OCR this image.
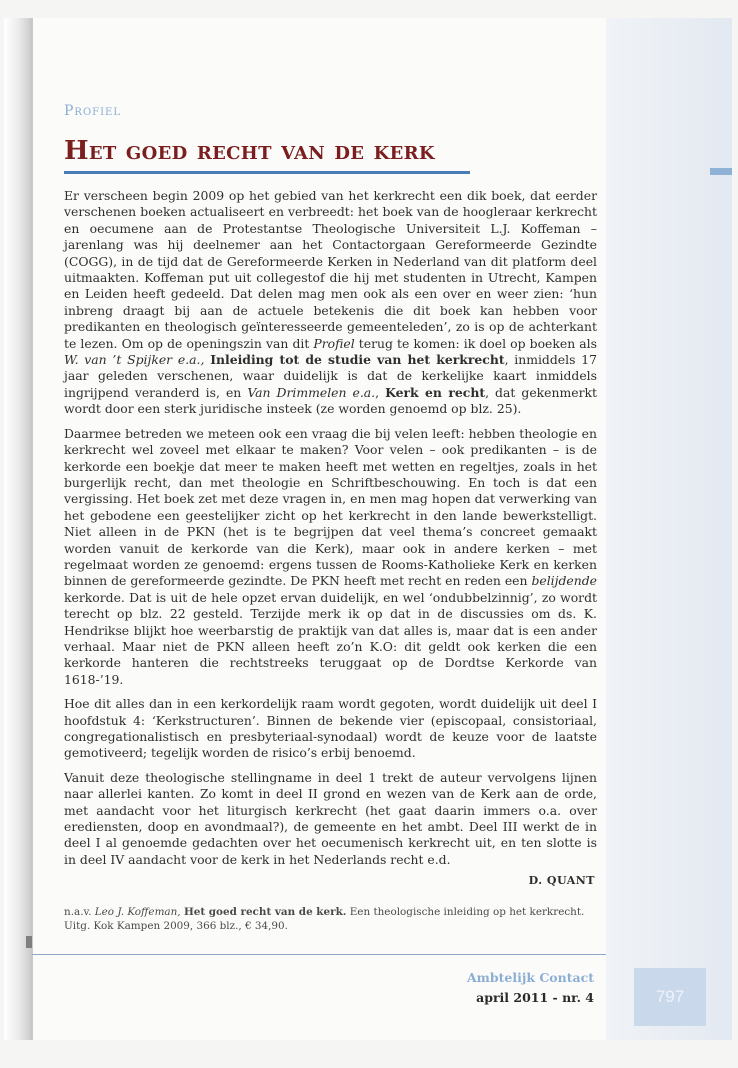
Profiel
Het goed recht van de kerk

Er verscheen begin 2009 op het gebied van het kerkrecht een dik boek, dat eerder verschenen boeken actualiseert en verbreedt: het boek van de hoogleraar kerkrecht en oecumene aan de Protestantse Theologische Universiteit L.J. Koffeman – jarenlang was hij deelnemer aan het Contactorgaan Gereformeerde Gezindte (COGG), in de tijd dat de Gereformeerde Kerken in Nederland van dit platform deel uitmaakten. Koffeman put uit collegestof die hij met studenten in Utrecht, Kampen en Leiden heeft gedeeld. Dat delen mag men ook als een over en weer zien: ‘hun inbreng draagt bij aan de actuele betekenis die dit boek kan hebben voor predikanten en theologisch geïnteresseerde gemeenteleden’, zo is op de achterkant te lezen. Om op de openingszin van dit Profiel terug te komen: ik doel op boeken als W. van ’t Spijker e.a., Inleiding tot de studie van het kerkrecht, inmiddels 17 jaar geleden verschenen, waar duidelijk is dat de kerkelijke kaart inmiddels ingrijpend veranderd is, en Van Drimmelen e.a., Kerk en recht, dat gekenmerkt wordt door een sterk juridische insteek (ze worden genoemd op blz. 25).

Daarmee betreden we meteen ook een vraag die bij velen leeft: hebben theologie en kerkrecht wel zoveel met elkaar te maken? Voor velen – ook predikanten – is de kerkorde een boekje dat meer te maken heeft met wetten en regeltjes, zoals in het burgerlijk recht, dan met theologie en Schriftbeschouwing. En toch is dat een vergissing. Het boek zet met deze vragen in, en men mag hopen dat verwerking van het gebodene een geestelijker zicht op het kerkrecht in den lande bewerkstelligt. Niet alleen in de PKN (het is te begrijpen dat veel thema’s concreet gemaakt worden vanuit de kerkorde van die Kerk), maar ook in andere kerken – met regelmaat worden ze genoemd: ergens tussen de Rooms-Katholieke Kerk en kerken binnen de gereformeerde gezindte. De PKN heeft met recht en reden een belijdende kerkorde. Dat is uit de hele opzet ervan duidelijk, en wel ‘ondubbelzinnig’, zo wordt terecht op blz. 22 gesteld. Terzijde merk ik op dat in de discussies om ds. K. Hendrikse blijkt hoe weerbarstig de praktijk van dat alles is, maar dat is een ander verhaal. Maar niet de PKN alleen heeft zo’n K.O: dit geldt ook kerken die een kerkorde hanteren die rechtstreeks teruggaat op de Dordtse Kerkorde van 1618-’19.

Hoe dit alles dan in een kerkordelijk raam wordt gegoten, wordt duidelijk uit deel I hoofdstuk 4: ‘Kerkstructuren’. Binnen de bekende vier (episcopaal, consistoriaal, congregationalistisch en presbyteriaal-synodaal) wordt de keuze voor de laatste gemotiveerd; tegelijk worden de risico’s erbij benoemd.

Vanuit deze theologische stellingname in deel 1 trekt de auteur vervolgens lijnen naar allerlei kanten. Zo komt in deel II grond en wezen van de Kerk aan de orde, met aandacht voor het liturgisch kerkrecht (het gaat daarin immers o.a. over erediensten, doop en avondmaal?), de gemeente en het ambt. Deel III werkt de in deel I al genoemde gedachten over het oecumenisch kerkrecht uit, en ten slotte is in deel IV aandacht voor de kerk in het Nederlands recht e.d.

D. QUANT
n.a.v. Leo J. Koffeman, Het goed recht van de kerk. Een theologische inleiding op het kerkrecht. Uitg. Kok Kampen 2009, 366 blz., € 34,90.
Ambtelijk Contact
april 2011 - nr. 4	797
